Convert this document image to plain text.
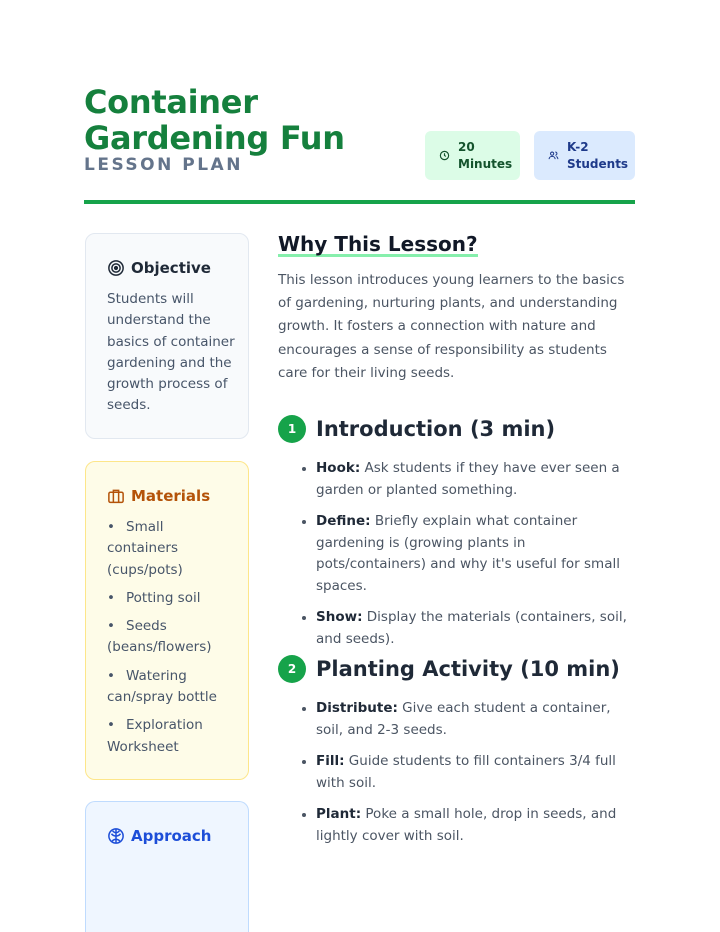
Container
Gardening Fun
LESSON PLAN
20
Minutes
K-2
Students
Objective
Students will understand the basics of container gardening and the growth process of seeds.
Materials
• Small containers (cups/pots)
• Potting soil
• Seeds (beans/flowers)
• Watering can/spray bottle
• Exploration Worksheet
Approach
Why This Lesson?
This lesson introduces young learners to the basics of gardening, nurturing plants, and understanding growth. It fosters a connection with nature and encourages a sense of responsibility as students care for their living seeds.
1 Introduction (3 min)
Hook: Ask students if they have ever seen a garden or planted something.
Define: Briefly explain what container gardening is (growing plants in pots/containers) and why it's useful for small spaces.
Show: Display the materials (containers, soil, and seeds).
2 Planting Activity (10 min)
Distribute: Give each student a container, soil, and 2-3 seeds.
Fill: Guide students to fill containers 3/4 full with soil.
Plant: Poke a small hole, drop in seeds, and lightly cover with soil.
